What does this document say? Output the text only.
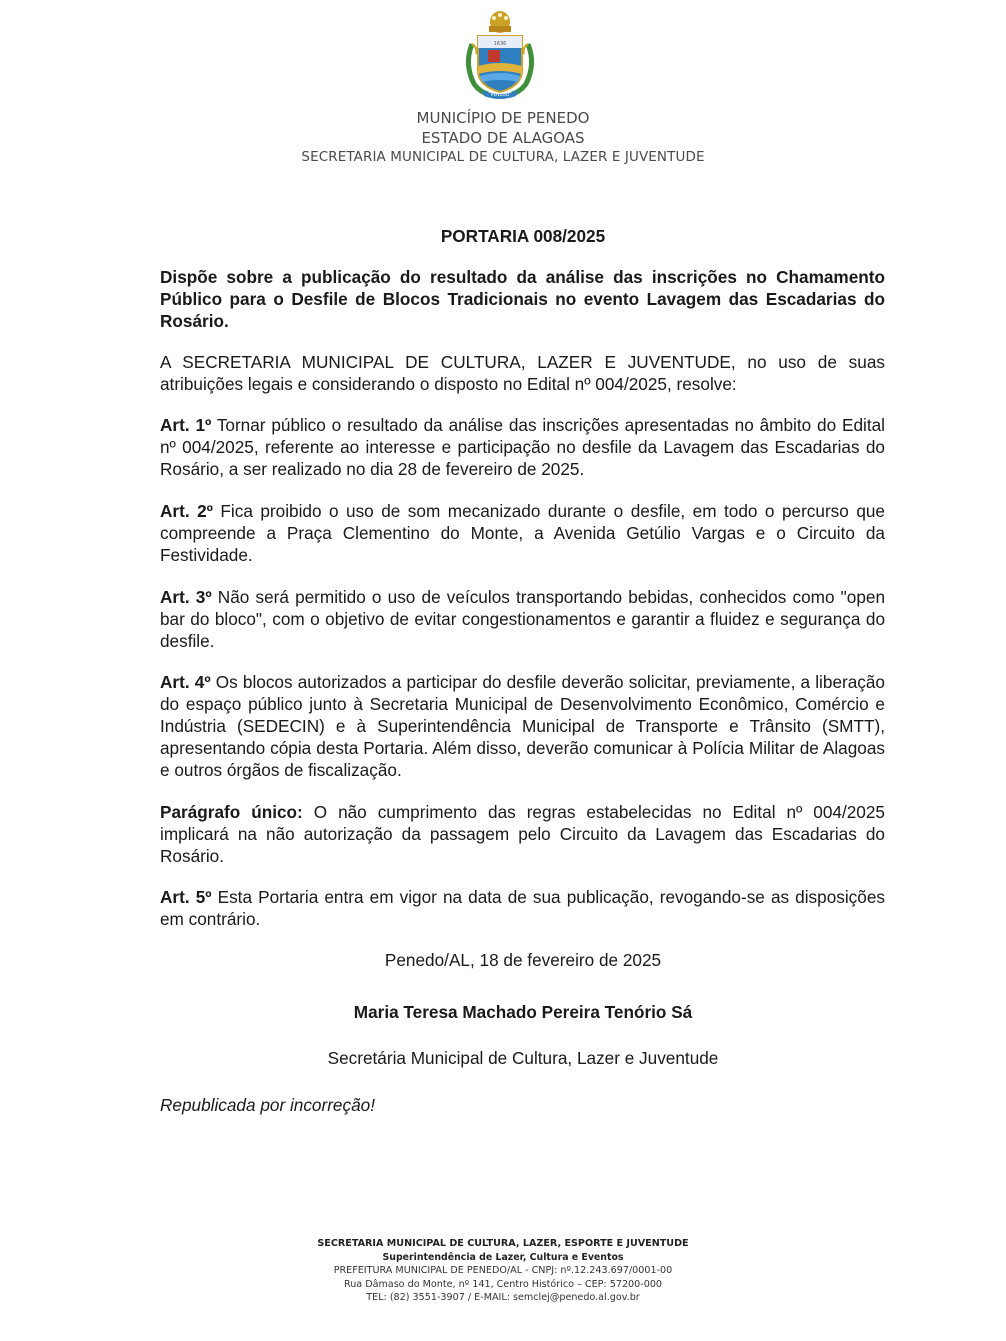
1636
PENEDO
MUNICÍPIO DE PENEDO
ESTADO DE ALAGOAS
SECRETARIA MUNICIPAL DE CULTURA, LAZER E JUVENTUDE
PORTARIA 008/2025

Dispõe sobre a publicação do resultado da análise das inscrições no Chamamento Público para o Desfile de Blocos Tradicionais no evento Lavagem das Escadarias do Rosário.

A SECRETARIA MUNICIPAL DE CULTURA, LAZER E JUVENTUDE, no uso de suas atribuições legais e considerando o disposto no Edital nº 004/2025, resolve:

Art. 1º Tornar público o resultado da análise das inscrições apresentadas no âmbito do Edital nº 004/2025, referente ao interesse e participação no desfile da Lavagem das Escadarias do Rosário, a ser realizado no dia 28 de fevereiro de 2025.

Art. 2º Fica proibido o uso de som mecanizado durante o desfile, em todo o percurso que compreende a Praça Clementino do Monte, a Avenida Getúlio Vargas e o Circuito da Festividade.

Art. 3º Não será permitido o uso de veículos transportando bebidas, conhecidos como "open bar do bloco", com o objetivo de evitar congestionamentos e garantir a fluidez e segurança do desfile.

Art. 4º Os blocos autorizados a participar do desfile deverão solicitar, previamente, a liberação do espaço público junto à Secretaria Municipal de Desenvolvimento Econômico, Comércio e Indústria (SEDECIN) e à Superintendência Municipal de Transporte e Trânsito (SMTT), apresentando cópia desta Portaria. Além disso, deverão comunicar à Polícia Militar de Alagoas e outros órgãos de fiscalização.

Parágrafo único: O não cumprimento das regras estabelecidas no Edital nº 004/2025 implicará na não autorização da passagem pelo Circuito da Lavagem das Escadarias do Rosário.

Art. 5º Esta Portaria entra em vigor na data de sua publicação, revogando-se as disposições em contrário.

Penedo/AL, 18 de fevereiro de 2025
Maria Teresa Machado Pereira Tenório Sá
Secretária Municipal de Cultura, Lazer e Juventude
Republicada por incorreção!
SECRETARIA MUNICIPAL DE CULTURA, LAZER, ESPORTE E JUVENTUDE
Superintendência de Lazer, Cultura e Eventos
PREFEITURA MUNICIPAL DE PENEDO/AL - CNPJ: nº.12.243.697/0001-00
Rua Dâmaso do Monte, nº 141, Centro Histórico – CEP: 57200-000
TEL: (82) 3551-3907 / E-MAIL: semclej@penedo.al.gov.br
